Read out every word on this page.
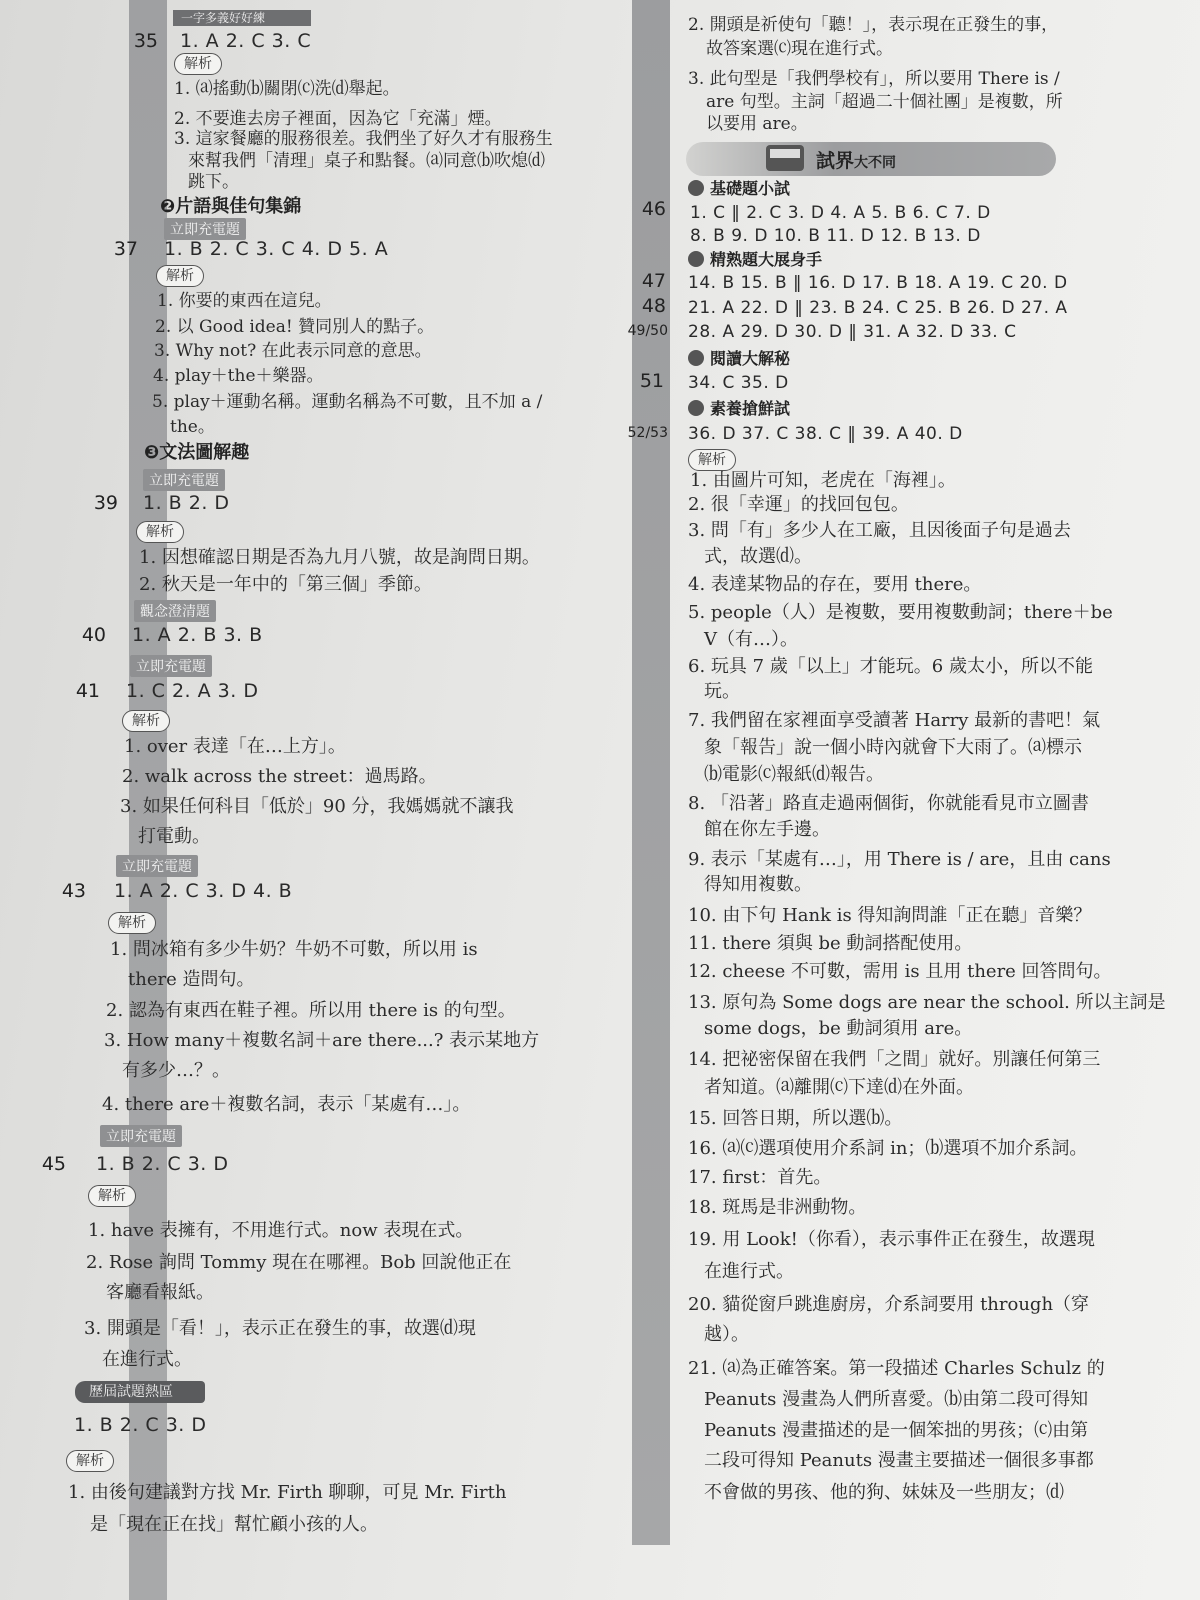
一字多義好好練
35 1. A 2. C 3. C
解析
1. ⒜搖動⒝關閉⒞洗⒟舉起。
2. 不要進去房子裡面，因為它「充滿」煙。
3. 這家餐廳的服務很差。我們坐了好久才有服務生
來幫我們「清理」桌子和點餐。⒜同意⒝吹熄⒟
跳下。
❷片語與佳句集錦
立即充電題
37 1. B 2. C 3. C 4. D 5. A
解析
1. 你要的東西在這兒。
2. 以 Good idea! 贊同別人的點子。
3. Why not? 在此表示同意的意思。
4. play＋the＋樂器。
5. play＋運動名稱。運動名稱為不可數，且不加 a /
the。
❸文法圖解趣
立即充電題
39 1. B 2. D
解析
1. 因想確認日期是否為九月八號，故是詢問日期。
2. 秋天是一年中的「第三個」季節。
觀念澄清題
40 1. A 2. B 3. B
立即充電題
41 1. C 2. A 3. D
解析
1. over 表達「在…上方」。
2. walk across the street：過馬路。
3. 如果任何科目「低於」90 分，我媽媽就不讓我
打電動。
立即充電題
43 1. A 2. C 3. D 4. B
解析
1. 問冰箱有多少牛奶？牛奶不可數，所以用 is
there 造問句。
2. 認為有東西在鞋子裡。所以用 there is 的句型。
3. How many＋複數名詞＋are there...? 表示某地方
有多少…？。
4. there are＋複數名詞，表示「某處有…」。
立即充電題
45 1. B 2. C 3. D
解析
1. have 表擁有，不用進行式。now 表現在式。
2. Rose 詢問 Tommy 現在在哪裡。Bob 回說他正在
客廳看報紙。
3. 開頭是「看！」，表示正在發生的事，故選⒟現
在進行式。
歷屆試題熱區
1. B 2. C 3. D
解析
1. 由後句建議對方找 Mr. Firth 聊聊，可見 Mr. Firth
是「現在正在找」幫忙顧小孩的人。
2. 開頭是祈使句「聽！」，表示現在正發生的事，
故答案選⒞現在進行式。
3. 此句型是「我們學校有」，所以要用 There is /
are 句型。主詞「超過二十個社團」是複數，所
以要用 are。
試界大不同
基礎題小試
46 1. C ‖ 2. C 3. D 4. A 5. B 6. C 7. D
8. B 9. D 10. B 11. D 12. B 13. D
精熟題大展身手
47 14. B 15. B ‖ 16. D 17. B 18. A 19. C 20. D
48 21. A 22. D ‖ 23. B 24. C 25. B 26. D 27. A
49/50 28. A 29. D 30. D ‖ 31. A 32. D 33. C
閱讀大解秘
51 34. C 35. D
素養搶鮮試
52/53 36. D 37. C 38. C ‖ 39. A 40. D
解析
1. 由圖片可知，老虎在「海裡」。
2. 很「幸運」的找回包包。
3. 問「有」多少人在工廠，且因後面子句是過去
式，故選⒟。
4. 表達某物品的存在，要用 there。
5. people（人）是複數，要用複數動詞；there＋be
V（有…）。
6. 玩具 7 歲「以上」才能玩。6 歲太小，所以不能
玩。
7. 我們留在家裡面享受讀著 Harry 最新的書吧！氣
象「報告」說一個小時內就會下大雨了。⒜標示
⒝電影⒞報紙⒟報告。
8. 「沿著」路直走過兩個街，你就能看見市立圖書
館在你左手邊。
9. 表示「某處有…」，用 There is / are，且由 cans
得知用複數。
10. 由下句 Hank is 得知詢問誰「正在聽」音樂？
11. there 須與 be 動詞搭配使用。
12. cheese 不可數，需用 is 且用 there 回答問句。
13. 原句為 Some dogs are near the school. 所以主詞是
some dogs，be 動詞須用 are。
14. 把祕密保留在我們「之間」就好。別讓任何第三
者知道。⒜離開⒞下達⒟在外面。
15. 回答日期，所以選⒝。
16. ⒜⒞選項使用介系詞 in；⒝選項不加介系詞。
17. first：首先。
18. 斑馬是非洲動物。
19. 用 Look!（你看），表示事件正在發生，故選現
在進行式。
20. 貓從窗戶跳進廚房，介系詞要用 through（穿
越）。
21. ⒜為正確答案。第一段描述 Charles Schulz 的
Peanuts 漫畫為人們所喜愛。⒝由第二段可得知
Peanuts 漫畫描述的是一個笨拙的男孩；⒞由第
二段可得知 Peanuts 漫畫主要描述一個很多事都
不會做的男孩、他的狗、妹妹及一些朋友；⒟
